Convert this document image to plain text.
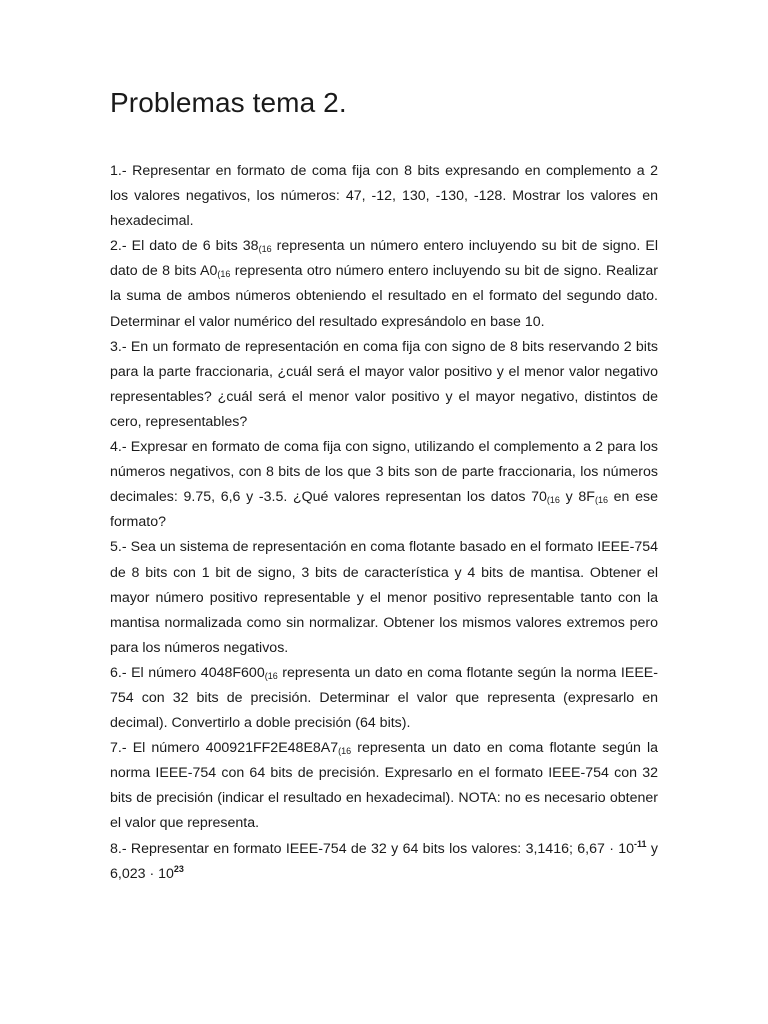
Problemas tema 2.

1.- Representar en formato de coma fija con 8 bits expresando en complemento a 2 los valores negativos, los números: 47, -12, 130, -130, -128. Mostrar los valores en hexadecimal.

2.- El dato de 6 bits $38_{(16}$ representa un número entero incluyendo su bit de signo. El dato de 8 bits $A0_{(16}$ representa otro número entero incluyendo su bit de signo. Realizar la suma de ambos números obteniendo el resultado en el formato del segundo dato. Determinar el valor numérico del resultado expresándolo en base 10.

3.- En un formato de representación en coma fija con signo de 8 bits reservando 2 bits para la parte fraccionaria, ¿cuál será el mayor valor positivo y el menor valor negativo representables? ¿cuál será el menor valor positivo y el mayor negativo, distintos de cero, representables?

4.- Expresar en formato de coma fija con signo, utilizando el complemento a 2 para los números negativos, con 8 bits de los que 3 bits son de parte fraccionaria, los números decimales: 9.75, 6,6 y -3.5. ¿Qué valores representan los datos $70_{(16}$ y $8F_{(16}$ en ese formato?

5.- Sea un sistema de representación en coma flotante basado en el formato IEEE-754 de 8 bits con 1 bit de signo, 3 bits de característica y 4 bits de mantisa. Obtener el mayor número positivo representable y el menor positivo representable tanto con la mantisa normalizada como sin normalizar. Obtener los mismos valores extremos pero para los números negativos.

6.- El número $4048F600_{(16}$ representa un dato en coma flotante según la norma IEEE-754 con 32 bits de precisión. Determinar el valor que representa (expresarlo en decimal). Convertirlo a doble precisión (64 bits).

7.- El número $400921FF2E48E8A7_{(16}$ representa un dato en coma flotante según la norma IEEE-754 con 64 bits de precisión. Expresarlo en el formato IEEE-754 con 32 bits de precisión (indicar el resultado en hexadecimal). NOTA: no es necesario obtener el valor que representa.

8.- Representar en formato IEEE-754 de 32 y 64 bits los valores: 3,1416; $6,67 \cdot 10^{-11}$ y $6,023 \cdot 10^{23}$
